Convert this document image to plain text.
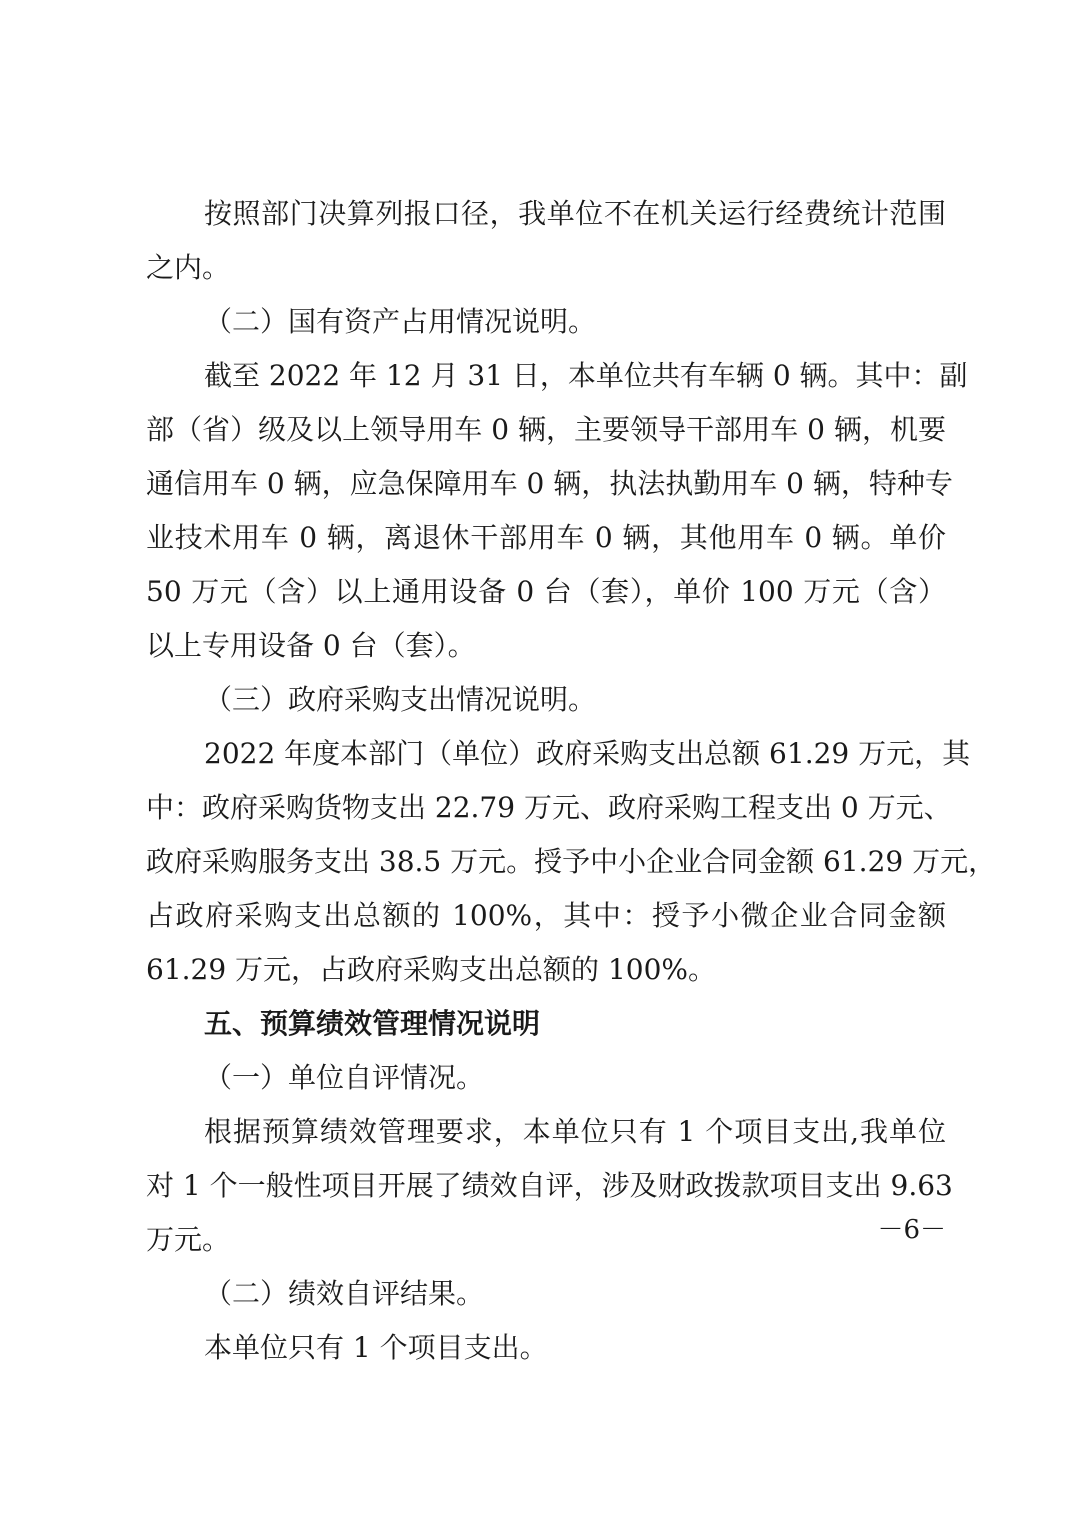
按照部门决算列报口径，我单位不在机关运行经费统计范围
之内。
（二）国有资产占用情况说明。
截至 2022 年 12 月 31 日，本单位共有车辆 0 辆。其中：副
部（省）级及以上领导用车 0 辆，主要领导干部用车 0 辆，机要
通信用车 0 辆，应急保障用车 0 辆，执法执勤用车 0 辆，特种专
业技术用车 0 辆，离退休干部用车 0 辆，其他用车 0 辆。单价
50 万元（含）以上通用设备 0 台（套），单价 100 万元（含）
以上专用设备 0 台（套）。
（三）政府采购支出情况说明。
2022 年度本部门（单位）政府采购支出总额 61.29 万元，其
中：政府采购货物支出 22.79 万元、政府采购工程支出 0 万元、
政府采购服务支出 38.5 万元。授予中小企业合同金额 61.29 万元，
占政府采购支出总额的 100%，其中：授予小微企业合同金额
61.29 万元，占政府采购支出总额的 100%。
五、预算绩效管理情况说明
（一）单位自评情况。
根据预算绩效管理要求，本单位只有 1 个项目支出,我单位
对 1 个一般性项目开展了绩效自评，涉及财政拨款项目支出 9.63
万元。
（二）绩效自评结果。
本单位只有 1 个项目支出。
－6－
